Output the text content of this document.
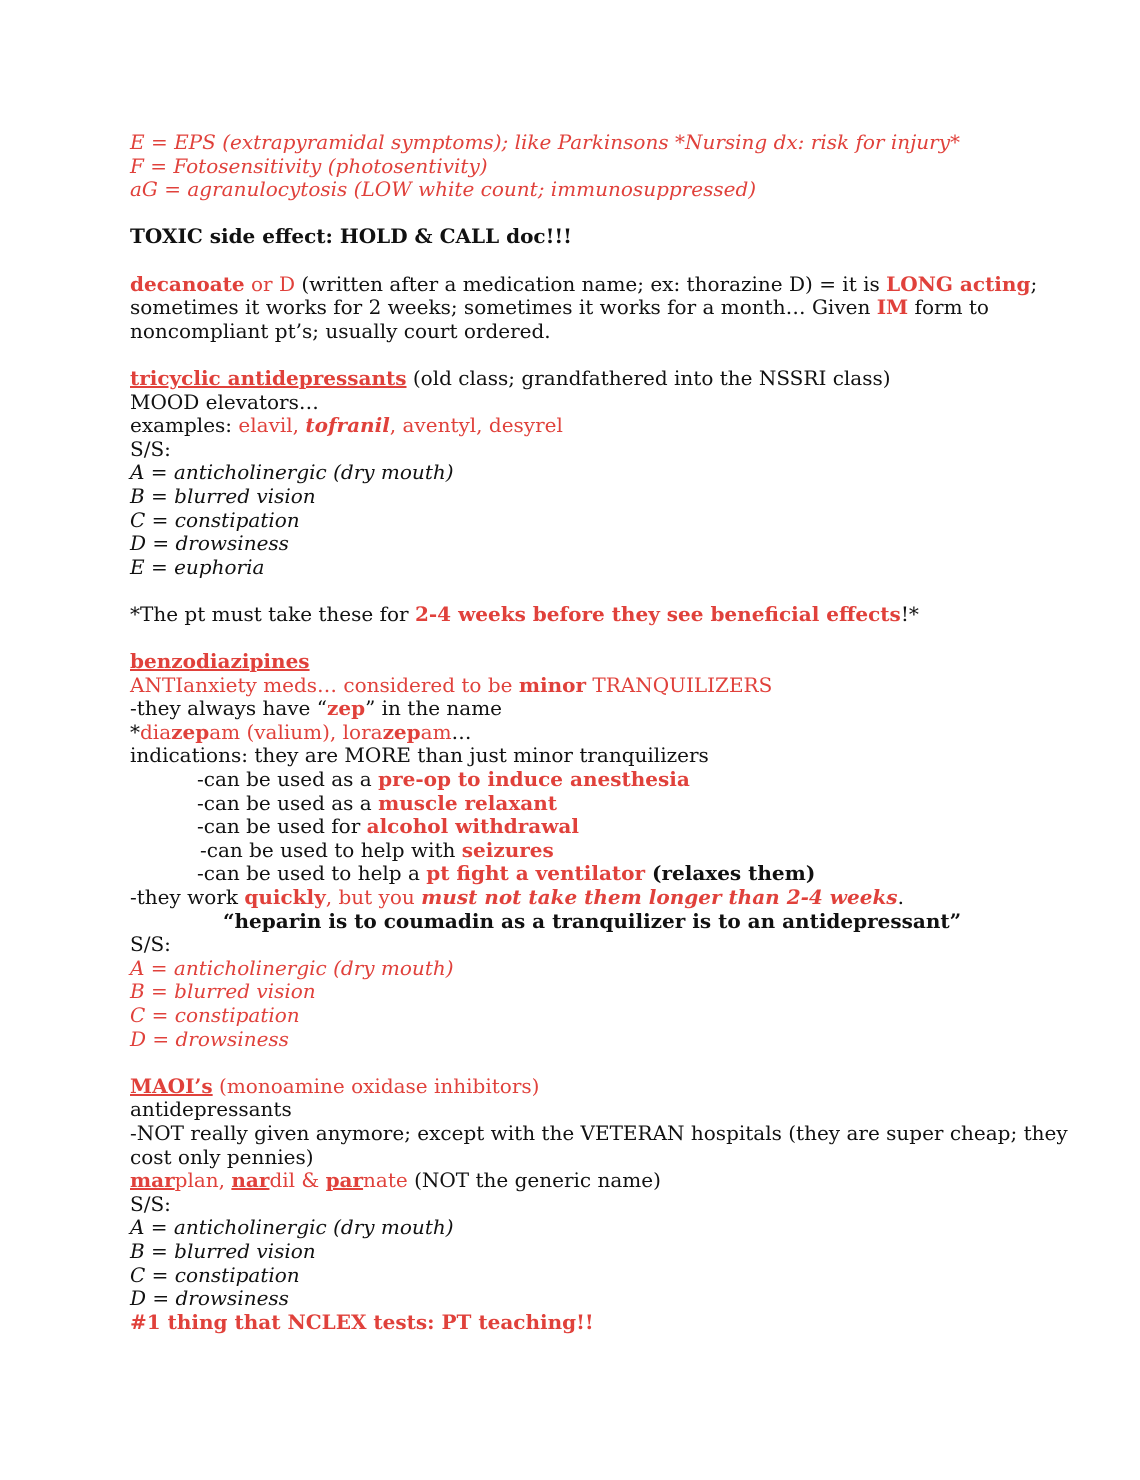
E = EPS (extrapyramidal symptoms); like Parkinsons *Nursing dx: risk for injury*
F = Fotosensitivity (photosentivity)
aG = agranulocytosis (LOW white count; immunosuppressed)
TOXIC side effect: HOLD & CALL doc!!!
decanoate or D (written after a medication name; ex: thorazine D) = it is LONG acting;
sometimes it works for 2 weeks; sometimes it works for a month… Given IM form to
noncompliant pt’s; usually court ordered.
tricyclic antidepressants (old class; grandfathered into the NSSRI class)
MOOD elevators…
examples: elavil, tofranil, aventyl, desyrel
S/S:
A = anticholinergic (dry mouth)
B = blurred vision
C = constipation
D = drowsiness
E = euphoria
*The pt must take these for 2-4 weeks before they see beneficial effects!*
benzodiazipines
ANTIanxiety meds… considered to be minor TRANQUILIZERS
-they always have “zep” in the name
*diazepam (valium), lorazepam…
indications: they are MORE than just minor tranquilizers
-can be used as a pre-op to induce anesthesia
-can be used as a muscle relaxant
-can be used for alcohol withdrawal
-can be used to help with seizures
-can be used to help a pt fight a ventilator (relaxes them)
-they work quickly, but you must not take them longer than 2-4 weeks.
“heparin is to coumadin as a tranquilizer is to an antidepressant”
S/S:
A = anticholinergic (dry mouth)
B = blurred vision
C = constipation
D = drowsiness
MAOI’s (monoamine oxidase inhibitors)
antidepressants
-NOT really given anymore; except with the VETERAN hospitals (they are super cheap; they
cost only pennies)
marplan, nardil & parnate (NOT the generic name)
S/S:
A = anticholinergic (dry mouth)
B = blurred vision
C = constipation
D = drowsiness
#1 thing that NCLEX tests: PT teaching!!
